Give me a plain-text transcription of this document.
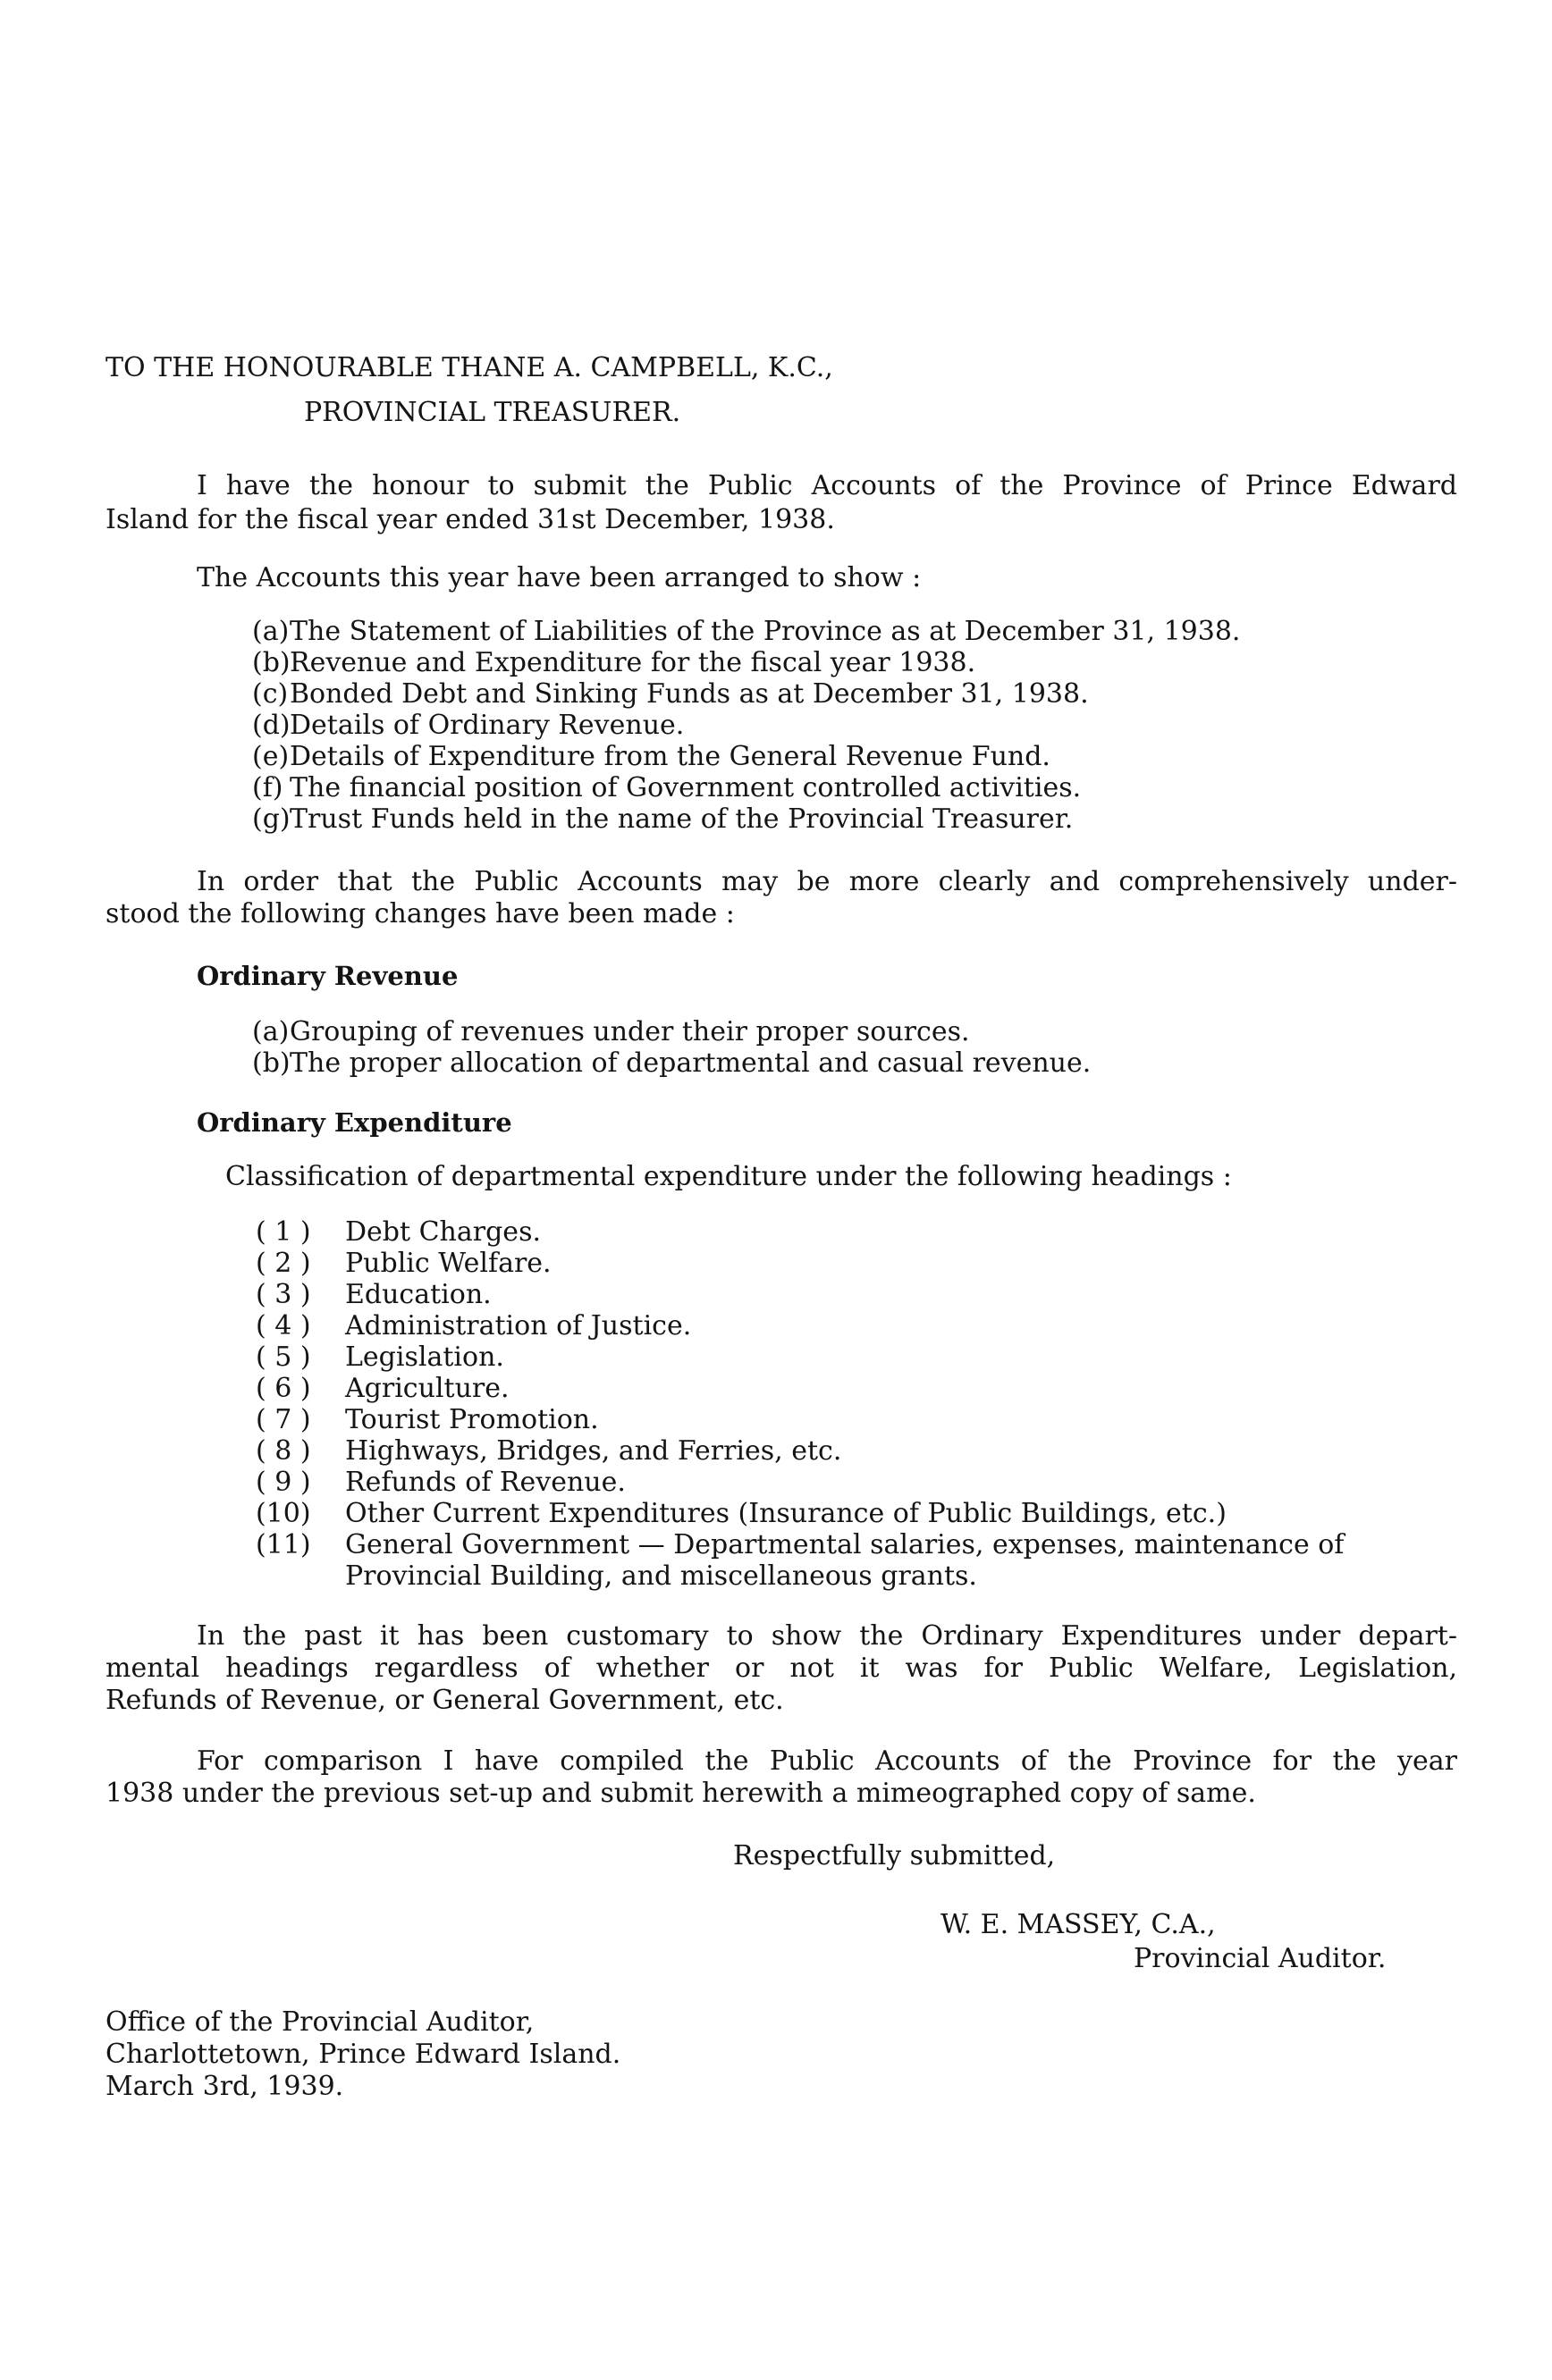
TO THE HONOURABLE THANE A. CAMPBELL, K.C.,

PROVINCIAL TREASURER.

I have the honour to submit the Public Accounts of the Province of Prince Edward

Island for the fiscal year ended 31st December, 1938.

The Accounts this year have been arranged to show :

(a)The Statement of Liabilities of the Province as at December 31, 1938.

(b)Revenue and Expenditure for the fiscal year 1938.

(c)Bonded Debt and Sinking Funds as at December 31, 1938.

(d)Details of Ordinary Revenue.

(e)Details of Expenditure from the General Revenue Fund.

(f) The financial position of Government controlled activities.

(g)Trust Funds held in the name of the Provincial Treasurer.

In order that the Public Accounts may be more clearly and comprehensively under-

stood the following changes have been made :

Ordinary Revenue

(a)Grouping of revenues under their proper sources.

(b)The proper allocation of departmental and casual revenue.

Ordinary Expenditure

Classification of departmental expenditure under the following headings :

( 1 ) Debt Charges.

( 2 ) Public Welfare.

( 3 ) Education.

( 4 ) Administration of Justice.

( 5 ) Legislation.

( 6 ) Agriculture.

( 7 ) Tourist Promotion.

( 8 ) Highways, Bridges, and Ferries, etc.

( 9 ) Refunds of Revenue.

(10) Other Current Expenditures (Insurance of Public Buildings, etc.)

(11) General Government — Departmental salaries, expenses, maintenance of

Provincial Building, and miscellaneous grants.

In the past it has been customary to show the Ordinary Expenditures under depart-

mental headings regardless of whether or not it was for Public Welfare, Legislation,

Refunds of Revenue, or General Government, etc.

For comparison I have compiled the Public Accounts of the Province for the year

1938 under the previous set-up and submit herewith a mimeographed copy of same.

Respectfully submitted,

W. E. MASSEY, C.A.,

Provincial Auditor.

Office of the Provincial Auditor,

Charlottetown, Prince Edward Island.

March 3rd, 1939.
